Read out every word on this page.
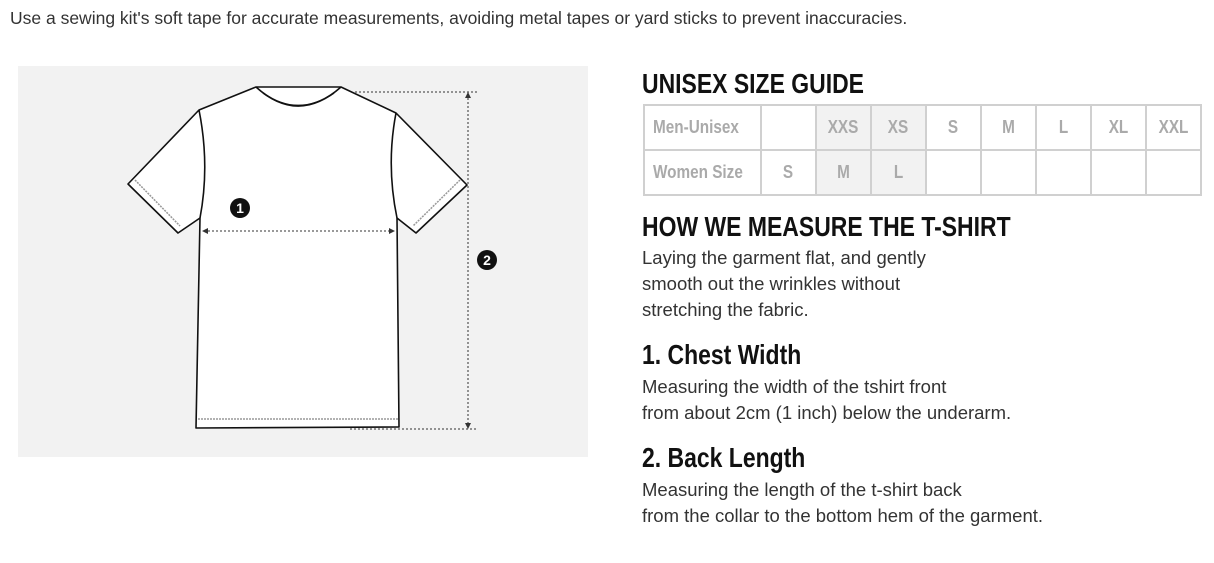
Use a sewing kit's soft tape for accurate measurements, avoiding metal tapes or yard sticks to prevent inaccuracies.
1
2
UNISEX SIZE GUIDE
Men-Unisex		XXS	XS	S	M	L	XL	XXL
Women Size	S	M	L					
HOW WE MEASURE THE T-SHIRT
Laying the garment flat, and gently
smooth out the wrinkles without
stretching the fabric.
1. Chest Width
Measuring the width of the tshirt front
from about 2cm (1 inch) below the underarm.
2. Back Length
Measuring the length of the t-shirt back
from the collar to the bottom hem of the garment.
